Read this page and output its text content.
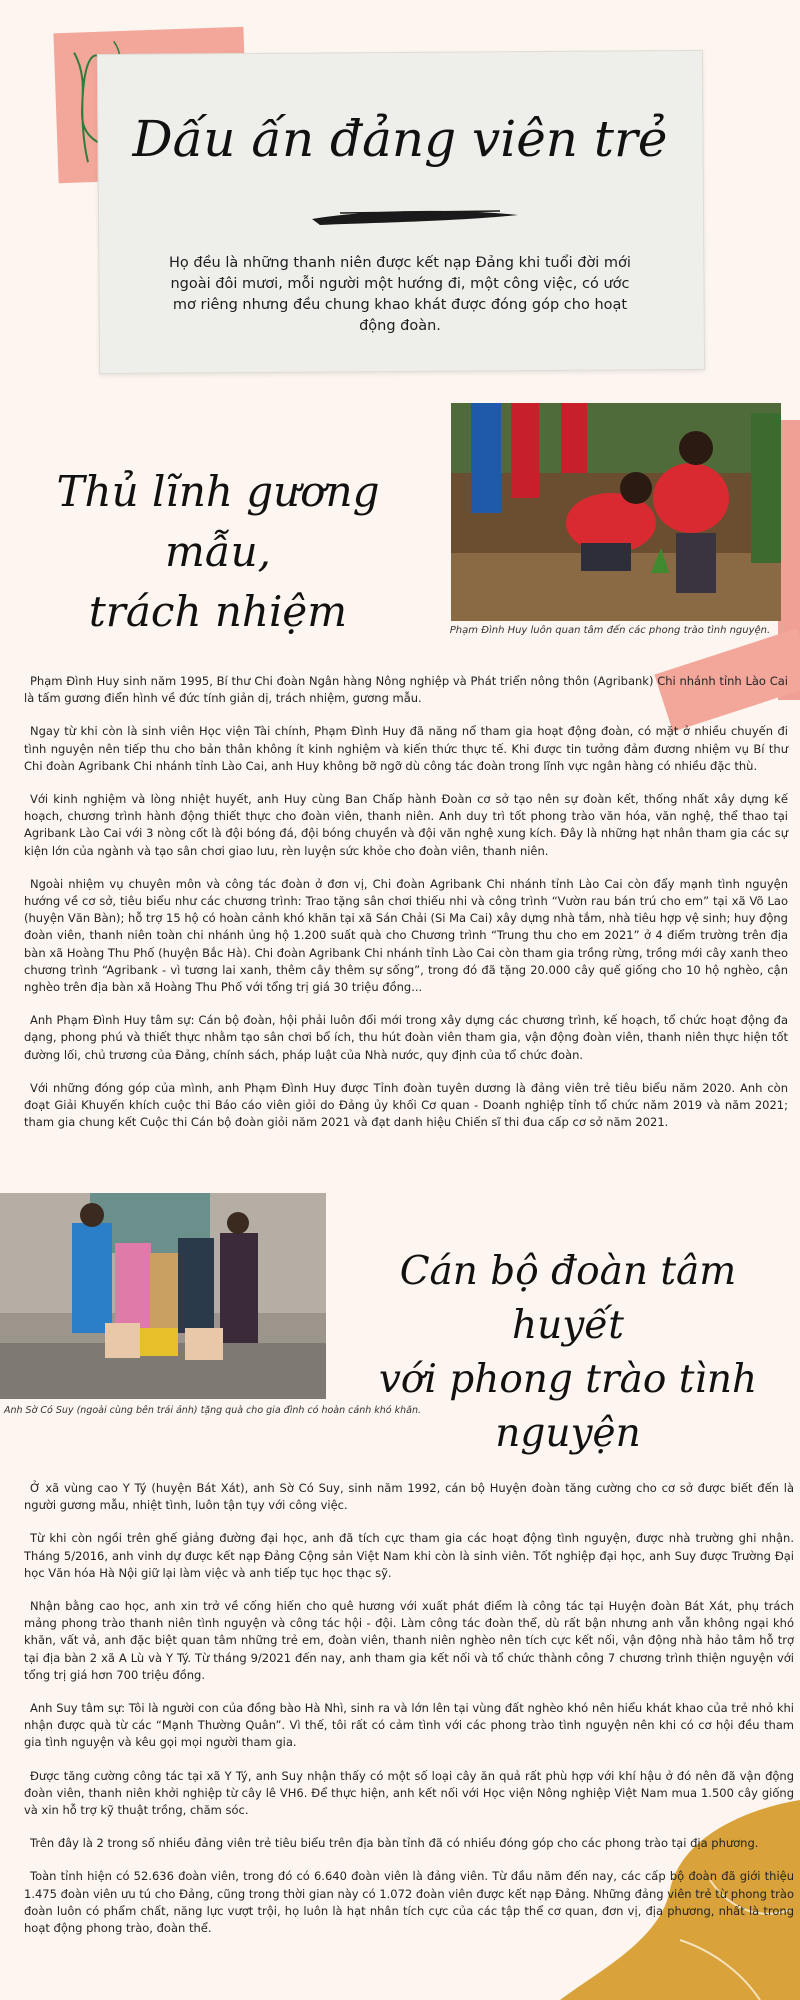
Dấu ấn đảng viên trẻ
Họ đều là những thanh niên được kết nạp Đảng khi tuổi đời mới ngoài đôi mươi, mỗi người một hướng đi, một công việc, có ước mơ riêng nhưng đều chung khao khát được đóng góp cho hoạt động đoàn.
Thủ lĩnh gương mẫu,
trách nhiệm	Phạm Đình Huy luôn quan tâm đến các phong trào tình nguyện.

Phạm Đình Huy sinh năm 1995, Bí thư Chi đoàn Ngân hàng Nông nghiệp và Phát triển nông thôn (Agribank) Chi nhánh tỉnh Lào Cai là tấm gương điển hình về đức tính giản dị, trách nhiệm, gương mẫu.

Ngay từ khi còn là sinh viên Học viện Tài chính, Phạm Đình Huy đã năng nổ tham gia hoạt động đoàn, có mặt ở nhiều chuyến đi tình nguyện nên tiếp thu cho bản thân không ít kinh nghiệm và kiến thức thực tế. Khi được tin tưởng đảm đương nhiệm vụ Bí thư Chi đoàn Agribank Chi nhánh tỉnh Lào Cai, anh Huy không bỡ ngỡ dù công tác đoàn trong lĩnh vực ngân hàng có nhiều đặc thù.

Với kinh nghiệm và lòng nhiệt huyết, anh Huy cùng Ban Chấp hành Đoàn cơ sở tạo nên sự đoàn kết, thống nhất xây dựng kế hoạch, chương trình hành động thiết thực cho đoàn viên, thanh niên. Anh duy trì tốt phong trào văn hóa, văn nghệ, thể thao tại Agribank Lào Cai với 3 nòng cốt là đội bóng đá, đội bóng chuyền và đội văn nghệ xung kích. Đây là những hạt nhân tham gia các sự kiện lớn của ngành và tạo sân chơi giao lưu, rèn luyện sức khỏe cho đoàn viên, thanh niên.

Ngoài nhiệm vụ chuyên môn và công tác đoàn ở đơn vị, Chi đoàn Agribank Chi nhánh tỉnh Lào Cai còn đẩy mạnh tình nguyện hướng về cơ sở, tiêu biểu như các chương trình: Trao tặng sân chơi thiếu nhi và công trình “Vườn rau bán trú cho em” tại xã Võ Lao (huyện Văn Bàn); hỗ trợ 15 hộ có hoàn cảnh khó khăn tại xã Sán Chải (Si Ma Cai) xây dựng nhà tắm, nhà tiêu hợp vệ sinh; huy động đoàn viên, thanh niên toàn chi nhánh ủng hộ 1.200 suất quà cho Chương trình “Trung thu cho em 2021” ở 4 điểm trường trên địa bàn xã Hoàng Thu Phố (huyện Bắc Hà). Chi đoàn Agribank Chi nhánh tỉnh Lào Cai còn tham gia trồng rừng, trồng mới cây xanh theo chương trình “Agribank - vì tương lai xanh, thêm cây thêm sự sống”, trong đó đã tặng 20.000 cây quế giống cho 10 hộ nghèo, cận nghèo trên địa bàn xã Hoàng Thu Phố với tổng trị giá 30 triệu đồng...

Anh Phạm Đình Huy tâm sự: Cán bộ đoàn, hội phải luôn đổi mới trong xây dựng các chương trình, kế hoạch, tổ chức hoạt động đa dạng, phong phú và thiết thực nhằm tạo sân chơi bổ ích, thu hút đoàn viên tham gia, vận động đoàn viên, thanh niên thực hiện tốt đường lối, chủ trương của Đảng, chính sách, pháp luật của Nhà nước, quy định của tổ chức đoàn.

Với những đóng góp của mình, anh Phạm Đình Huy được Tỉnh đoàn tuyên dương là đảng viên trẻ tiêu biểu năm 2020. Anh còn đoạt Giải Khuyến khích cuộc thi Báo cáo viên giỏi do Đảng ủy khối Cơ quan - Doanh nghiệp tỉnh tổ chức năm 2019 và năm 2021; tham gia chung kết Cuộc thi Cán bộ đoàn giỏi năm 2021 và đạt danh hiệu Chiến sĩ thi đua cấp cơ sở năm 2021.

Anh Sờ Có Suy (ngoài cùng bên trái ảnh) tặng quà cho gia đình có hoàn cảnh khó khăn.
Cán bộ đoàn tâm huyết
với phong trào tình
nguyện

Ở xã vùng cao Y Tý (huyện Bát Xát), anh Sờ Có Suy, sinh năm 1992, cán bộ Huyện đoàn tăng cường cho cơ sở được biết đến là người gương mẫu, nhiệt tình, luôn tận tụy với công việc.

Từ khi còn ngồi trên ghế giảng đường đại học, anh đã tích cực tham gia các hoạt động tình nguyện, được nhà trường ghi nhận. Tháng 5/2016, anh vinh dự được kết nạp Đảng Cộng sản Việt Nam khi còn là sinh viên. Tốt nghiệp đại học, anh Suy được Trường Đại học Văn hóa Hà Nội giữ lại làm việc và anh tiếp tục học thạc sỹ.

Nhận bằng cao học, anh xin trở về cống hiến cho quê hương với xuất phát điểm là công tác tại Huyện đoàn Bát Xát, phụ trách mảng phong trào thanh niên tình nguyện và công tác hội - đội. Làm công tác đoàn thể, dù rất bận nhưng anh vẫn không ngại khó khăn, vất vả, anh đặc biệt quan tâm những trẻ em, đoàn viên, thanh niên nghèo nên tích cực kết nối, vận động nhà hảo tâm hỗ trợ tại địa bàn 2 xã A Lù và Y Tý. Từ tháng 9/2021 đến nay, anh tham gia kết nối và tổ chức thành công 7 chương trình thiện nguyện với tổng trị giá hơn 700 triệu đồng.

Anh Suy tâm sự: Tôi là người con của đồng bào Hà Nhì, sinh ra và lớn lên tại vùng đất nghèo khó nên hiểu khát khao của trẻ nhỏ khi nhận được quà từ các “Mạnh Thường Quân”. Vì thế, tôi rất có cảm tình với các phong trào tình nguyện nên khi có cơ hội đều tham gia tình nguyện và kêu gọi mọi người tham gia.

Được tăng cường công tác tại xã Y Tý, anh Suy nhận thấy có một số loại cây ăn quả rất phù hợp với khí hậu ở đó nên đã vận động đoàn viên, thanh niên khởi nghiệp từ cây lê VH6. Để thực hiện, anh kết nối với Học viện Nông nghiệp Việt Nam mua 1.500 cây giống và xin hỗ trợ kỹ thuật trồng, chăm sóc.

Trên đây là 2 trong số nhiều đảng viên trẻ tiêu biểu trên địa bàn tỉnh đã có nhiều đóng góp cho các phong trào tại địa phương.

Toàn tỉnh hiện có 52.636 đoàn viên, trong đó có 6.640 đoàn viên là đảng viên. Từ đầu năm đến nay, các cấp bộ đoàn đã giới thiệu 1.475 đoàn viên ưu tú cho Đảng, cũng trong thời gian này có 1.072 đoàn viên được kết nạp Đảng. Những đảng viên trẻ từ phong trào đoàn luôn có phẩm chất, năng lực vượt trội, họ luôn là hạt nhân tích cực của các tập thể cơ quan, đơn vị, địa phương, nhất là trong hoạt động phong trào, đoàn thể.
